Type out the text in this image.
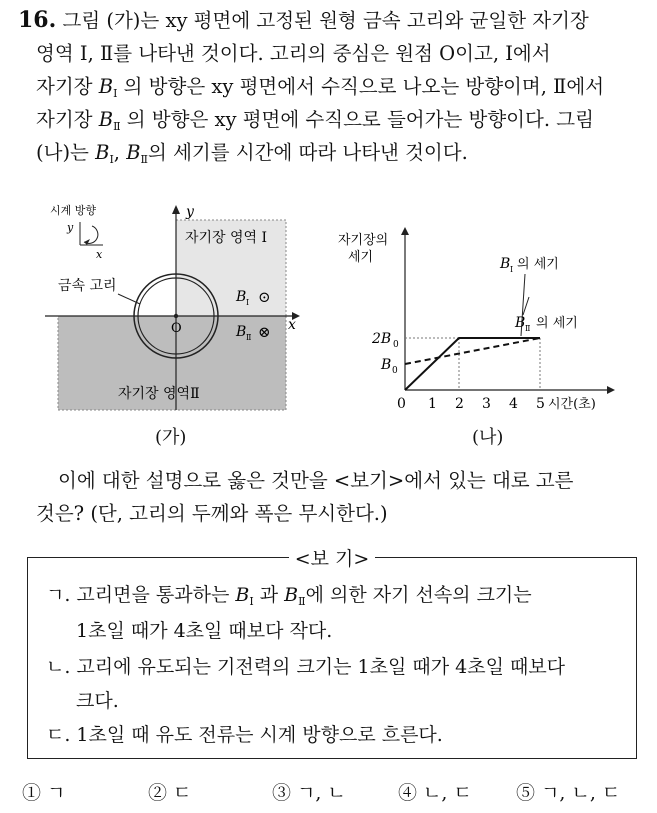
16. 그림 (가)는 xy 평면에 고정된 원형 금속 고리와 균일한 자기장
영역 Ⅰ, Ⅱ를 나타낸 것이다. 고리의 중심은 원점 O이고, Ⅰ에서
자기장 $B_Ⅰ$ 의 방향은 xy 평면에서 수직으로 나오는 방향이며, Ⅱ에서
자기장 $B_Ⅱ$ 의 방향은 xy 평면에 수직으로 들어가는 방향이다. 그림
(나)는 $B_Ⅰ$, $B_Ⅱ$의 세기를 시간에 따라 나타낸 것이다.
O
y
x
자기장 영역 Ⅰ
자기장 영역Ⅱ
금속 고리
B Ⅰ ⊙
B Ⅱ ⊗
시계 방향
y
x
(가)
자기장의
세기
2B 0
B 0
0 1 2 3 4 5 시간(초)
B Ⅰ 의 세기
B Ⅱ 의 세기
(나)
이에 대한 설명으로 옳은 것만을 <보기>에서 있는 대로 고른
것은? (단, 고리의 두께와 폭은 무시한다.)
<보 기>
ㄱ. 고리면을 통과하는 $B_Ⅰ$ 과 $B_Ⅱ$에 의한 자기 선속의 크기는
1초일 때가 4초일 때보다 작다.
ㄴ. 고리에 유도되는 기전력의 크기는 1초일 때가 4초일 때보다
크다.
ㄷ. 1초일 때 유도 전류는 시계 방향으로 흐른다.
① ㄱ	② ㄷ	③ ㄱ, ㄴ	④ ㄴ, ㄷ ⑤ ㄱ, ㄴ, ㄷ
